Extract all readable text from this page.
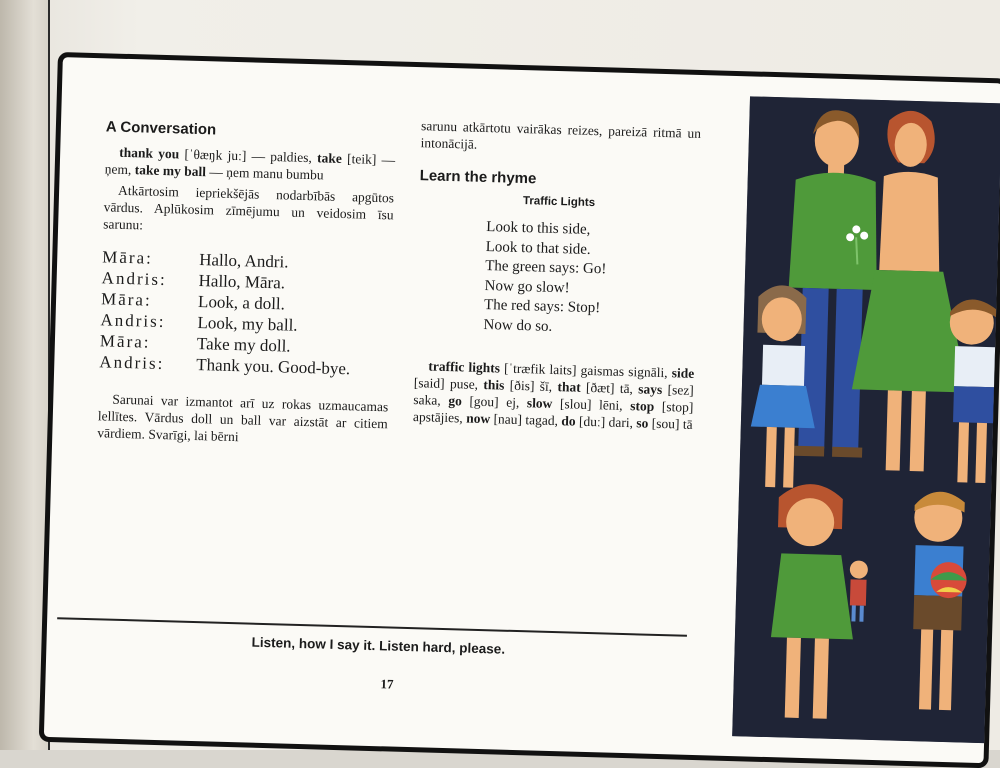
A Conversation

thank you [ˈθæŋk juː] — paldies, take [teik] — ņem, take my ball — ņem manu bumbu

Atkārtosim iepriekšējās nodarbībās apgūtos vārdus. Aplūkosim zīmējumu un veidosim īsu sarunu:

Māra:	Hallo, Andri.
Andris:	Hallo, Māra.
Māra:	Look, a doll.
Andris:	Look, my ball.
Māra:	Take my doll.
Andris:	Thank you. Good-bye.

Sarunai var izmantot arī uz rokas uzmaucamas lellītes. Vārdus doll un ball var aizstāt ar citiem vārdiem. Svarīgi, lai bērni

sarunu atkārtotu vairākas reizes, pareizā ritmā un intonācijā.

Learn the rhyme
Traffic Lights
Look to this side,
Look to that side.
The green says: Go!
Now go slow!
The red says: Stop!
Now do so.

traffic lights [ˈtræfik laits] gaismas signāli, side [said] puse, this [ðis] šī, that [ðæt] tā, says [sez] saka, go [gou] ej, slow [slou] lēni, stop [stop] apstājies, now [nau] tagad, do [duː] dari, so [sou] tā

Listen, how I say it. Listen hard, please.
17
